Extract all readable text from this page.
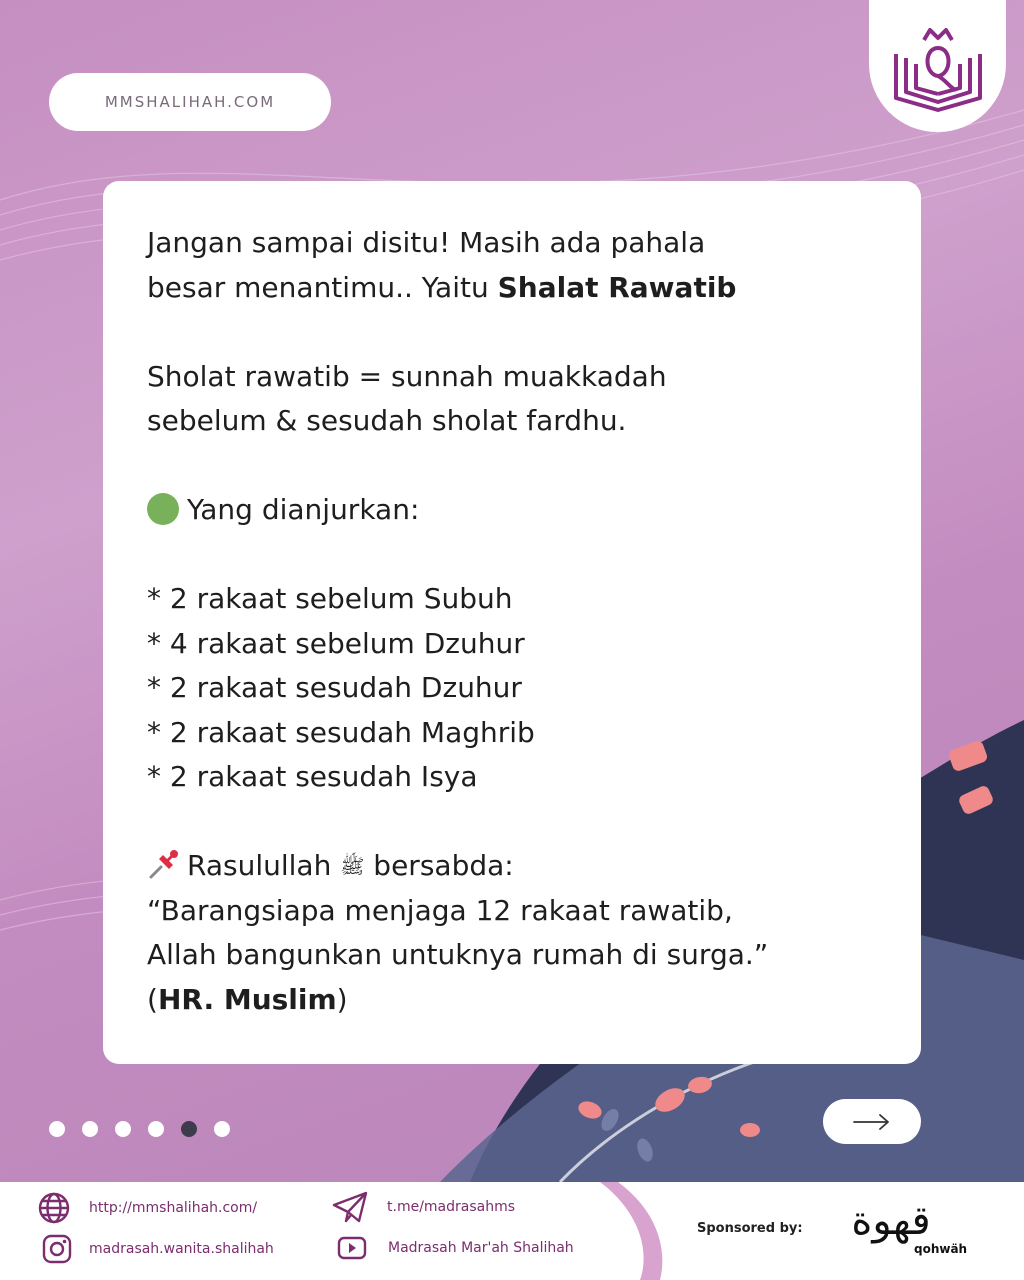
MMSHALIHAH.COM

Jangan sampai disitu! Masih ada pahala

besar menantimu.. Yaitu Shalat Rawatib

Sholat rawatib = sunnah muakkadah

sebelum & sesudah sholat fardhu.

Yang dianjurkan:

* 2 rakaat sebelum Subuh

* 4 rakaat sebelum Dzuhur

* 2 rakaat sesudah Dzuhur

* 2 rakaat sesudah Maghrib

* 2 rakaat sesudah Isya

Rasulullah ﷺ bersabda:

“Barangsiapa menjaga 12 rakaat rawatib,

Allah bangunkan untuknya rumah di surga.”

(HR. Muslim)

http://mmshalihah.com/
madrasah.wanita.shalihah
t.me/madrasahms
Madrasah Mar'ah Shalihah
Sponsored by:	قهوة
qohwäh
